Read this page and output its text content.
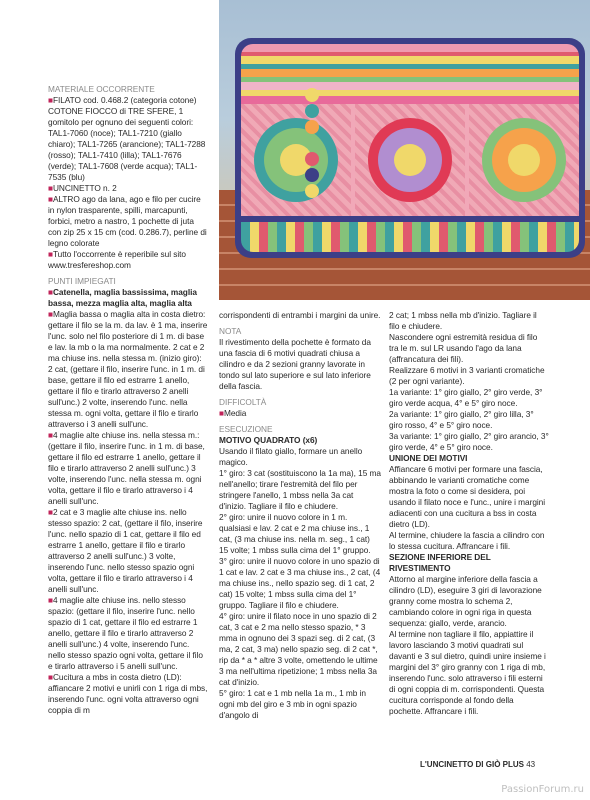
MATERIALE OCCORRENTE

■FILATO cod. 0.468.2 (categoria cotone) COTONE FIOCCO di TRE SFERE, 1 gomitolo per ognuno dei seguenti colori: TAL1-7060 (noce); TAL1-7210 (giallo chiaro); TAL1-7265 (arancione); TAL1-7288 (rosso); TAL1-7410 (lilla); TAL1-7676 (verde); TAL1-7608 (verde acqua); TAL1-7535 (blu)

■UNCINETTO n. 2

■ALTRO ago da lana, ago e filo per cucire in nylon trasparente, spilli, marcapunti, forbici, metro a nastro, 1 pochette di juta con zip 25 x 15 cm (cod. 0.286.7), perline di legno colorate

■Tutto l'occorrente è reperibile sul sito www.tresfereshop.com

PUNTI IMPIEGATI

■Catenella, maglia bassissima, maglia bassa, mezza maglia alta, maglia alta

■Maglia bassa o maglia alta in costa dietro: gettare il filo se la m. da lav. è 1 ma, inserire l'unc. solo nel filo posteriore di 1 m. di base e lav. la mb o la ma normalmente. 2 cat e 2 ma chiuse ins. nella stessa m. (inizio giro): 2 cat, (gettare il filo, inserire l'unc. in 1 m. di base, gettare il filo ed estrarre 1 anello, gettare il filo e tirarlo attraverso 2 anelli sull'unc.) 2 volte, inserendo l'unc. nella stessa m. ogni volta, gettare il filo e tirarlo attraverso i 3 anelli sull'unc.

■4 maglie alte chiuse ins. nella stessa m.: (gettare il filo, inserire l'unc. in 1 m. di base, gettare il filo ed estrarre 1 anello, gettare il filo e tirarlo attraverso 2 anelli sull'unc.) 3 volte, inserendo l'unc. nella stessa m. ogni volta, gettare il filo e tirarlo attraverso i 4 anelli sull'unc.

■2 cat e 3 maglie alte chiuse ins. nello stesso spazio: 2 cat, (gettare il filo, inserire l'unc. nello spazio di 1 cat, gettare il filo ed estrarre 1 anello, gettare il filo e tirarlo attraverso 2 anelli sull'unc.) 3 volte, inserendo l'unc. nello stesso spazio ogni volta, gettare il filo e tirarlo attraverso i 4 anelli sull'unc.

■4 maglie alte chiuse ins. nello stesso spazio: (gettare il filo, inserire l'unc. nello spazio di 1 cat, gettare il filo ed estrarre 1 anello, gettare il filo e tirarlo attraverso 2 anelli sull'unc.) 4 volte, inserendo l'unc. nello stesso spazio ogni volta, gettare il filo e tirarlo attraverso i 5 anelli sull'unc.

■Cucitura a mbs in costa dietro (LD): affiancare 2 motivi e unirli con 1 riga di mbs, inserendo l'unc. ogni volta attraverso ogni coppia di m

corrispondenti di entrambi i margini da unire.

NOTA

Il rivestimento della pochette è formato da una fascia di 6 motivi quadrati chiusa a cilindro e da 2 sezioni granny lavorate in tondo sul lato superiore e sul lato inferiore della fascia.

DIFFICOLTÀ

■Media

ESECUZIONE

MOTIVO QUADRATO (x6)

Usando il filato giallo, formare un anello magico.

1° giro: 3 cat (sostituiscono la 1a ma), 15 ma nell'anello; tirare l'estremità del filo per stringere l'anello, 1 mbss nella 3a cat d'inizio. Tagliare il filo e chiudere.

2° giro: unire il nuovo colore in 1 m. qualsiasi e lav. 2 cat e 2 ma chiuse ins., 1 cat, (3 ma chiuse ins. nella m. seg., 1 cat) 15 volte; 1 mbss sulla cima del 1° gruppo.

3° giro: unire il nuovo colore in uno spazio di 1 cat e lav. 2 cat e 3 ma chiuse ins., 2 cat, (4 ma chiuse ins., nello spazio seg. di 1 cat, 2 cat) 15 volte; 1 mbss sulla cima del 1° gruppo. Tagliare il filo e chiudere.

4° giro: unire il filato noce in uno spazio di 2 cat, 3 cat e 2 ma nello stesso spazio, * 3 mma in ognuno dei 3 spazi seg. di 2 cat, (3 ma, 2 cat, 3 ma) nello spazio seg. di 2 cat *, rip da * a * altre 3 volte, omettendo le ultime 3 ma nell'ultima ripetizione; 1 mbss nella 3a cat d'inizio.

5° giro: 1 cat e 1 mb nella 1a m., 1 mb in ogni mb del giro e 3 mb in ogni spazio d'angolo di

2 cat; 1 mbss nella mb d'inizio. Tagliare il filo e chiudere.

Nascondere ogni estremità residua di filo tra le m. sul LR usando l'ago da lana (affrancatura dei fili).

Realizzare 6 motivi in 3 varianti cromatiche (2 per ogni variante).

1a variante: 1° giro giallo, 2° giro verde, 3° giro verde acqua, 4° e 5° giro noce.

2a variante: 1° giro giallo, 2° giro lilla, 3° giro rosso, 4° e 5° giro noce.

3a variante: 1° giro giallo, 2° giro arancio, 3° giro verde, 4° e 5° giro noce.

UNIONE DEI MOTIVI

Affiancare 6 motivi per formare una fascia, abbinando le varianti cromatiche come mostra la foto o come si desidera, poi usando il filato noce e l'unc., unire i margini adiacenti con una cucitura a bss in costa dietro (LD).

Al termine, chiudere la fascia a cilindro con lo stessa cucitura. Affrancare i fili.

SEZIONE INFERIORE DEL RIVESTIMENTO

Attorno al margine inferiore della fascia a cilindro (LD), eseguire 3 giri di lavorazione granny come mostra lo schema 2, cambiando colore in ogni riga in questa sequenza: giallo, verde, arancio.

Al termine non tagliare il filo, appiattire il lavoro lasciando 3 motivi quadrati sul davanti e 3 sul dietro, quindi unire insieme i margini del 3° giro granny con 1 riga di mb, inserendo l'unc. solo attraverso i fili esterni di ogni coppia di m. corrispondenti. Questa cucitura corrisponde al fondo della pochette. Affrancare i fili.

L'UNCINETTO DI GIÒ PLUS 43
PassionForum.ru
